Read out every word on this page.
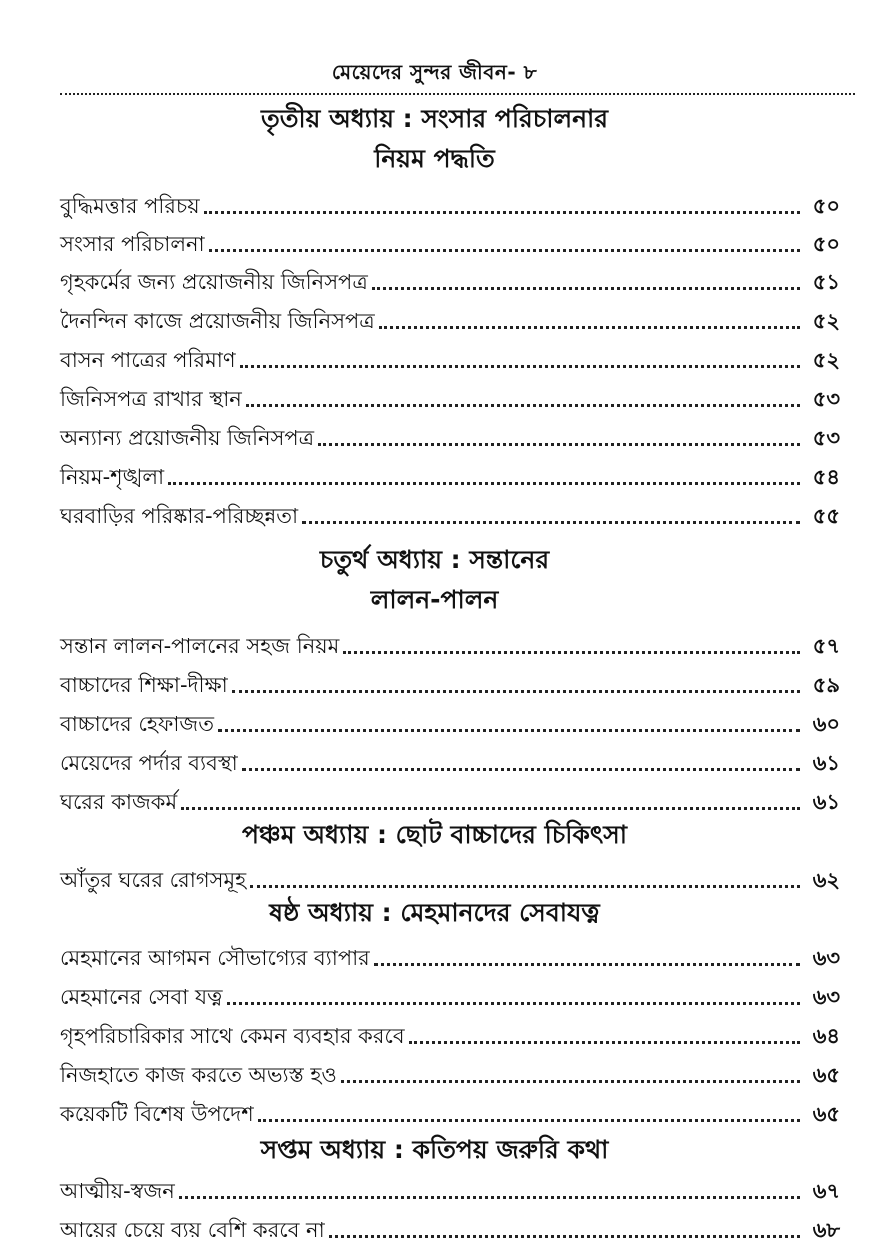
মেয়েদের সুন্দর জীবন- ৮
তৃতীয় অধ্যায় : সংসার পরিচালনার
নিয়ম পদ্ধতি
বুদ্ধিমত্তার পরিচয়	৫০
সংসার পরিচালনা	৫০
গৃহকর্মের জন্য প্রয়োজনীয় জিনিসপত্র	৫১
দৈনন্দিন কাজে প্রয়োজনীয় জিনিসপত্র	৫২
বাসন পাত্রের পরিমাণ	৫২
জিনিসপত্র রাখার স্থান	৫৩
অন্যান্য প্রয়োজনীয় জিনিসপত্র	৫৩
নিয়ম-শৃঙ্খলা	৫৪
ঘরবাড়ির পরিষ্কার-পরিচ্ছন্নতা	৫৫
চতুর্থ অধ্যায় : সন্তানের
লালন-পালন
সন্তান লালন-পালনের সহজ নিয়ম	৫৭
বাচ্চাদের শিক্ষা-দীক্ষা	৫৯
বাচ্চাদের হেফাজত	৬০
মেয়েদের পর্দার ব্যবস্থা	৬১
ঘরের কাজকর্ম	৬১
পঞ্চম অধ্যায় : ছোট বাচ্চাদের চিকিৎসা
আঁতুর ঘরের রোগসমূহ	৬২
ষষ্ঠ অধ্যায় : মেহমানদের সেবাযত্ন
মেহমানের আগমন সৌভাগ্যের ব্যাপার	৬৩
মেহমানের সেবা যত্ন	৬৩
গৃহপরিচারিকার সাথে কেমন ব্যবহার করবে	৬৪
নিজহাতে কাজ করতে অভ্যস্ত হও	৬৫
কয়েকটি বিশেষ উপদেশ	৬৫
সপ্তম অধ্যায় : কতিপয় জরুরি কথা
আত্মীয়-স্বজন	৬৭
আয়ের চেয়ে ব্যয় বেশি করবে না	৬৮
